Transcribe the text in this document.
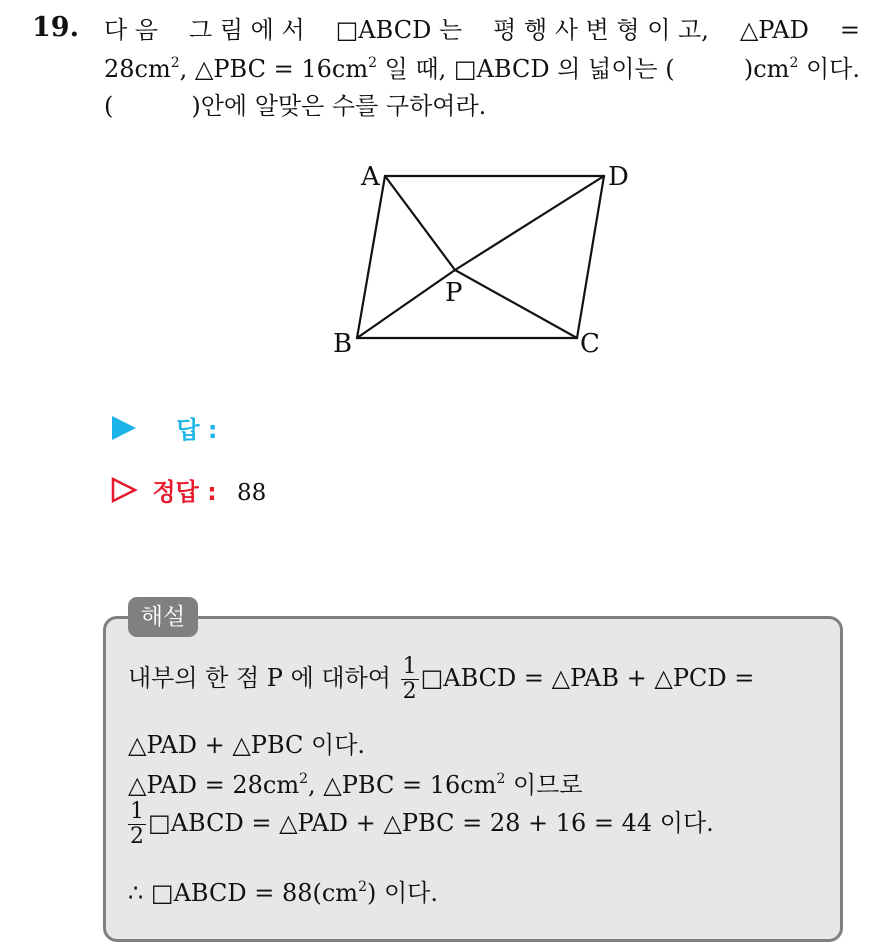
19. 다 음 그 림 에 서 □ABCD 는 평 행 사 변 형 이 고, △PAD =
$28cm^2$, △PBC = $16cm^2$ 일 때, □ABCD 의 넓이는 (	)$cm^2$ 이다.
(	)안에 알맞은 수를 구하여라.
A	D
B	C
P
답 :
정답 : 88
해설
내부의 한 점 P 에 대하여 $\frac{1}{2}$ □ABCD = △PAB + △PCD =
△PAD + △PBC 이다.
△PAD = $28cm^2$, △PBC = $16cm^2$ 이므로
$\frac{1}{2}$ □ABCD = △PAD + △PBC = 28 + 16 = 44 이다.
∴ □ABCD = $88(cm^2)$ 이다.
